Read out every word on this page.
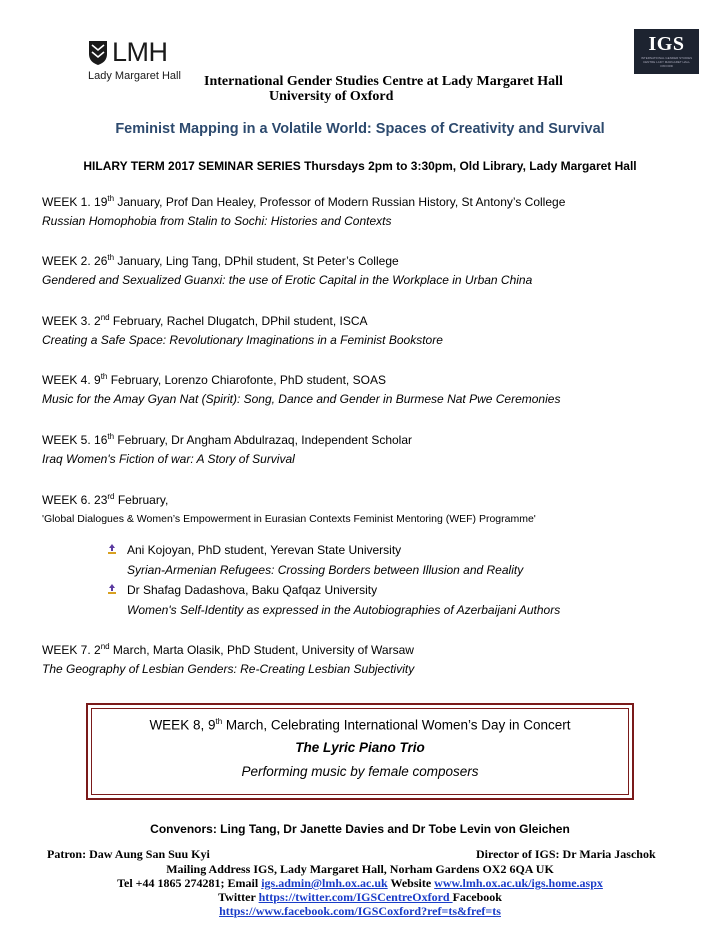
LMH
Lady Margaret Hall
IGS
INTERNATIONAL GENDER STUDIES CENTRE LADY MARGARET HALL OXFORD
International Gender Studies Centre at Lady Margaret Hall
University of Oxford
Feminist Mapping in a Volatile World: Spaces of Creativity and Survival
HILARY TERM 2017 SEMINAR SERIES Thursdays 2pm to 3:30pm, Old Library, Lady Margaret Hall
WEEK 1. 19th January, Prof Dan Healey, Professor of Modern Russian History, St Antony’s College
Russian Homophobia from Stalin to Sochi: Histories and Contexts
WEEK 2. 26th January, Ling Tang, DPhil student, St Peter’s College
Gendered and Sexualized Guanxi: the use of Erotic Capital in the Workplace in Urban China
WEEK 3. 2nd February, Rachel Dlugatch, DPhil student, ISCA
Creating a Safe Space: Revolutionary Imaginations in a Feminist Bookstore
WEEK 4. 9th February, Lorenzo Chiarofonte, PhD student, SOAS
Music for the Amay Gyan Nat (Spirit): Song, Dance and Gender in Burmese Nat Pwe Ceremonies
WEEK 5. 16th February, Dr Angham Abdulrazaq, Independent Scholar
Iraq Women's Fiction of war: A Story of Survival
WEEK 6. 23rd February,
'Global Dialogues & Women’s Empowerment in Eurasian Contexts Feminist Mentoring (WEF) Programme'
Ani Kojoyan, PhD student, Yerevan State University
Syrian-Armenian Refugees: Crossing Borders between Illusion and Reality
Dr Shafag Dadashova, Baku Qafqaz University
Women's Self-Identity as expressed in the Autobiographies of Azerbaijani Authors
WEEK 7. 2nd March, Marta Olasik, PhD Student, University of Warsaw
The Geography of Lesbian Genders: Re-Creating Lesbian Subjectivity
WEEK 8, 9th March, Celebrating International Women’s Day in Concert
The Lyric Piano Trio
Performing music by female composers
Convenors: Ling Tang, Dr Janette Davies and Dr Tobe Levin von Gleichen
Patron: Daw Aung San Suu Kyi	Director of IGS: Dr Maria Jaschok
Mailing Address IGS, Lady Margaret Hall, Norham Gardens OX2 6QA UK
Tel +44 1865 274281; Email igs.admin@lmh.ox.ac.uk Website www.lmh.ox.ac.uk/igs.home.aspx
Twitter https://twitter.com/IGSCentreOxford Facebook
https://www.facebook.com/IGSCoxford?ref=ts&fref=ts
